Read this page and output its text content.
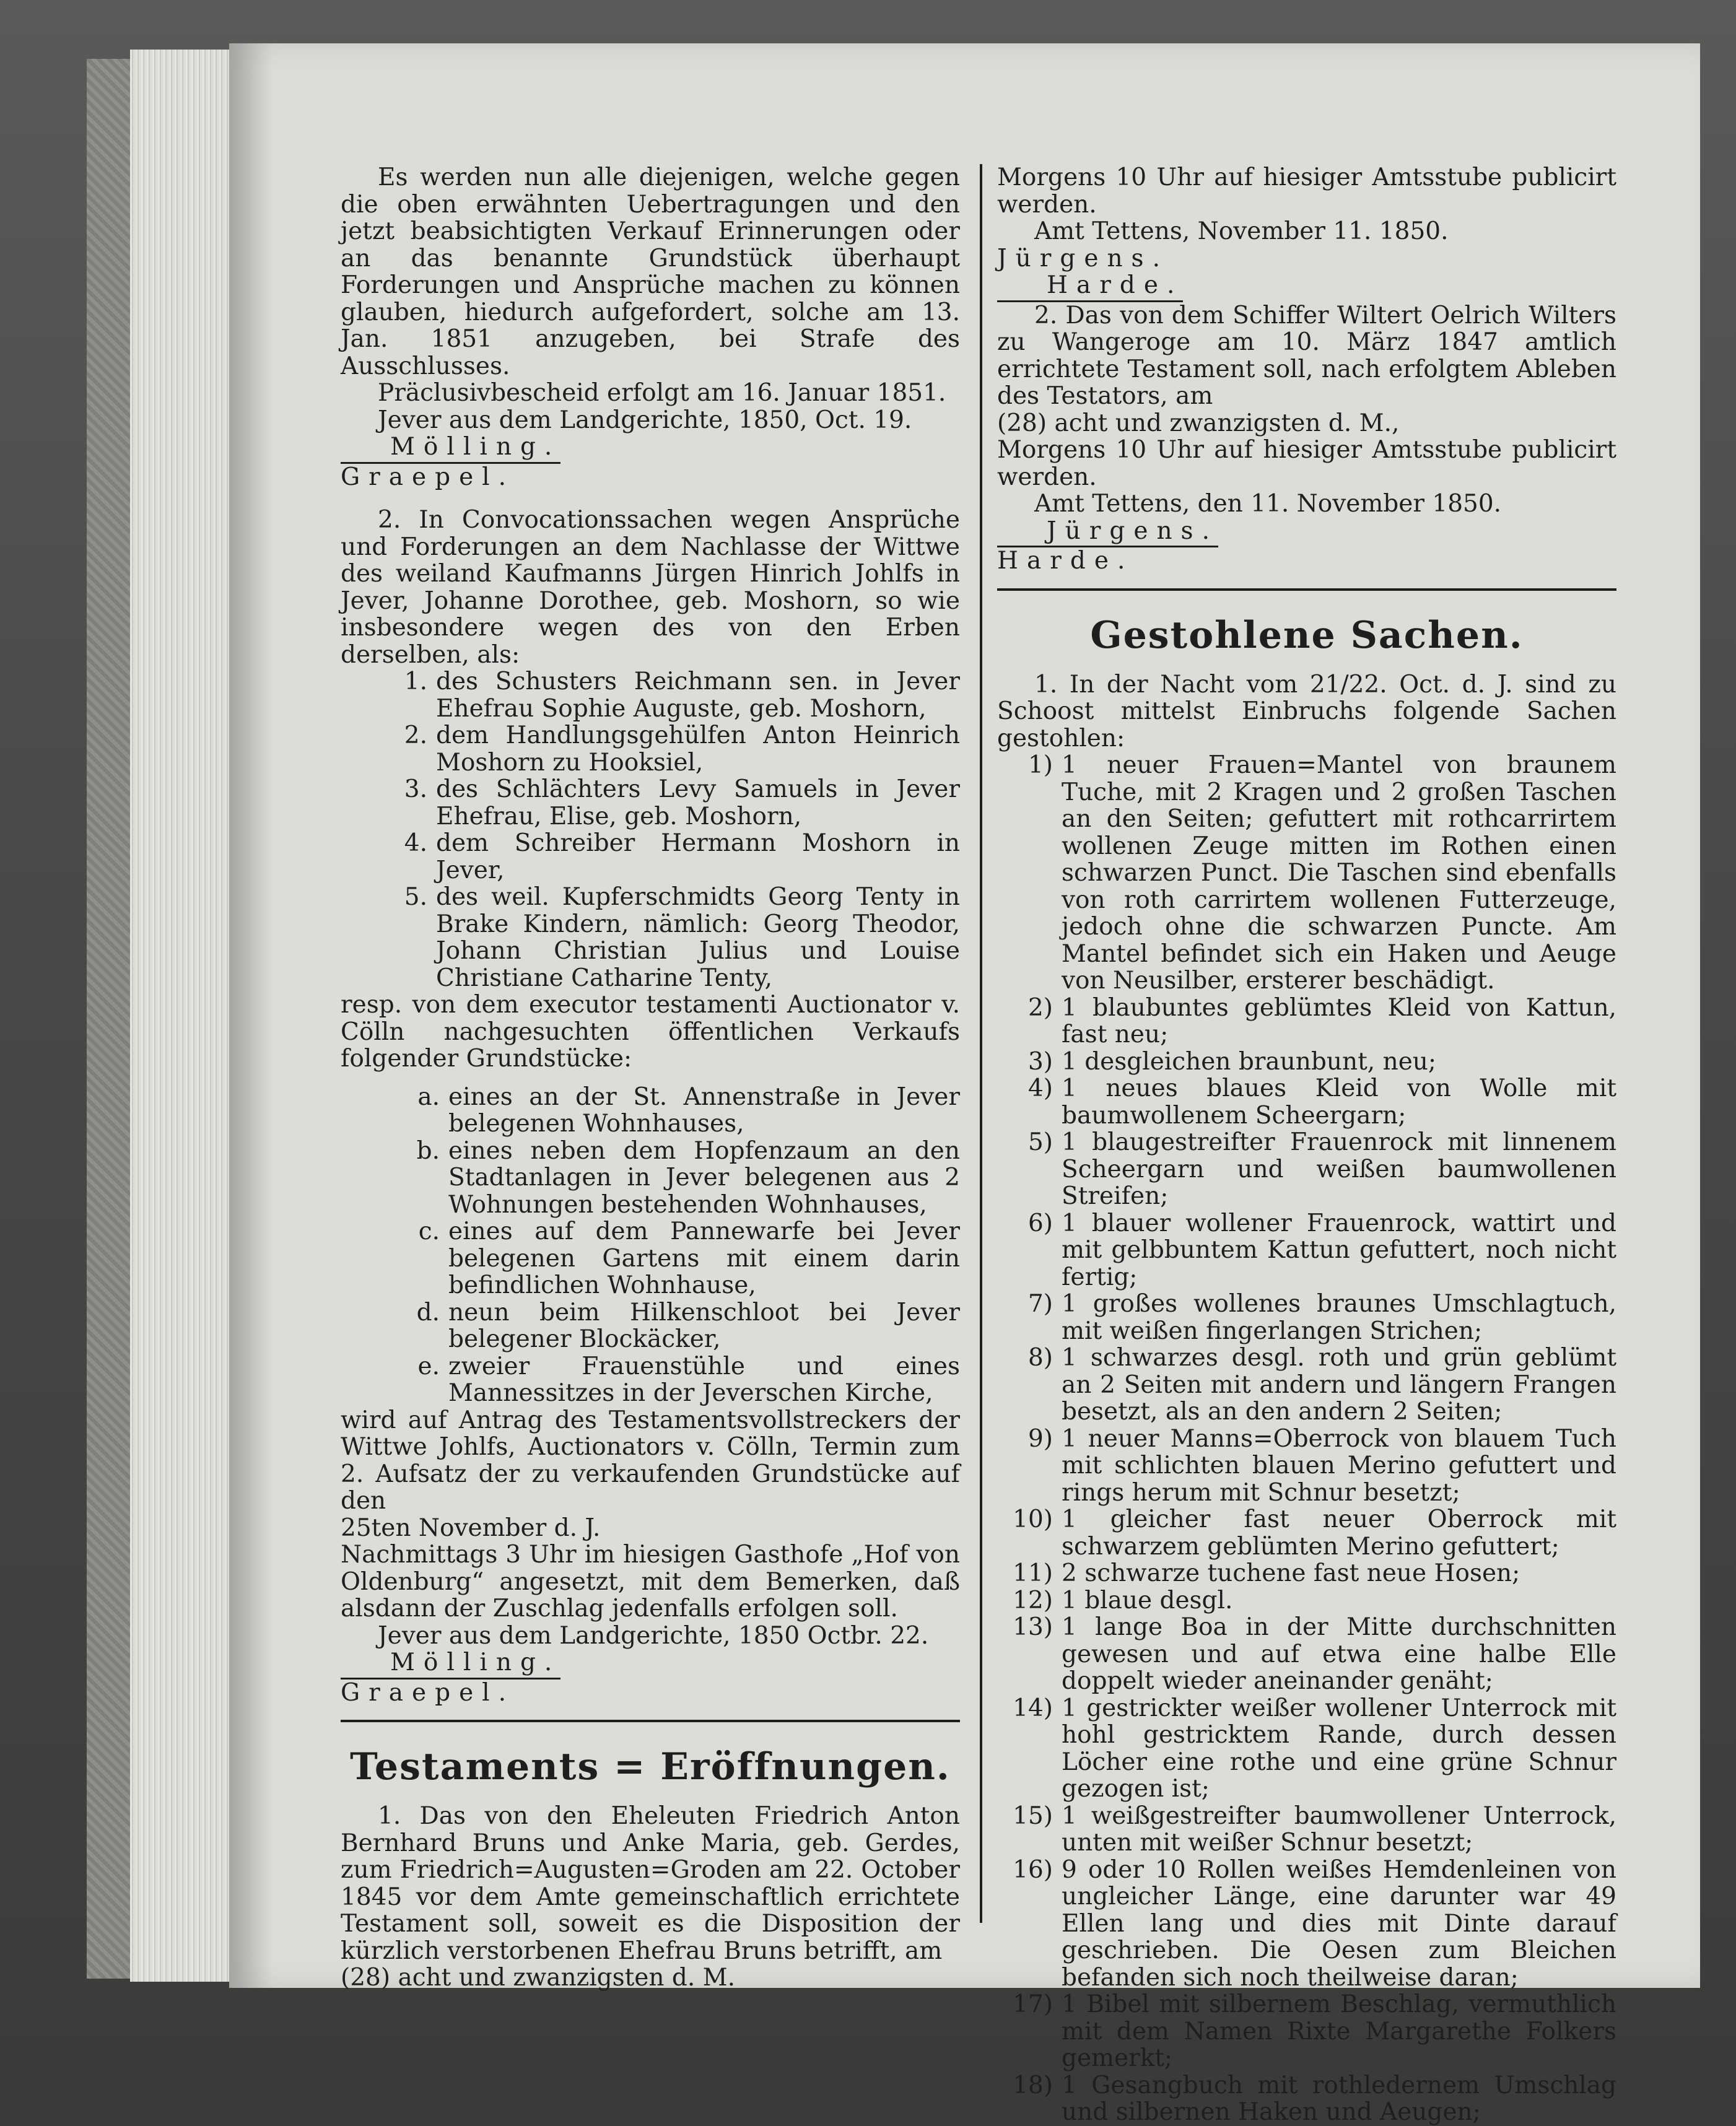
Es werden nun alle diejenigen, welche gegen die oben erwähnten Uebertragungen und den jetzt beabsichtigten Verkauf Erinnerungen oder an das benannte Grundstück überhaupt Forderungen und Ansprüche machen zu können glauben, hiedurch aufgefordert, solche am 13. Jan. 1851 anzugeben, bei Strafe des Ausschlusses.

Präclusivbescheid erfolgt am 16. Januar 1851.

Jever aus dem Landgerichte, 1850, Oct. 19.

Mölling.

Graepel.

2. In Convocationssachen wegen Ansprüche und Forderungen an dem Nachlasse der Wittwe des weiland Kaufmanns Jürgen Hinrich Johlfs in Jever, Johanne Dorothee, geb. Moshorn, so wie insbesondere wegen des von den Erben derselben, als:

1. des Schusters Reichmann sen. in Jever Ehefrau Sophie Auguste, geb. Moshorn,
2. dem Handlungsgehülfen Anton Heinrich Moshorn zu Hooksiel,
3. des Schlächters Levy Samuels in Jever Ehefrau, Elise, geb. Moshorn,
4. dem Schreiber Hermann Moshorn in Jever,
5. des weil. Kupferschmidts Georg Tenty in Brake Kindern, nämlich: Georg Theodor, Johann Christian Julius und Louise Christiane Catharine Tenty,

resp. von dem executor testamenti Auctionator v. Cölln nachgesuchten öffentlichen Verkaufs folgender Grundstücke:

a. eines an der St. Annenstraße in Jever belegenen Wohnhauses,
b. eines neben dem Hopfenzaum an den Stadtanlagen in Jever belegenen aus 2 Wohnungen bestehenden Wohnhauses,
c. eines auf dem Pannewarfe bei Jever belegenen Gartens mit einem darin befindlichen Wohnhause,
d. neun beim Hilkenschloot bei Jever belegener Blockäcker,
e. zweier Frauenstühle und eines Mannessitzes in der Jeverschen Kirche,

wird auf Antrag des Testamentsvollstreckers der Wittwe Johlfs, Auctionators v. Cölln, Termin zum 2. Aufsatz der zu verkaufenden Grundstücke auf den

25ten November d. J.

Nachmittags 3 Uhr im hiesigen Gasthofe „Hof von Oldenburg“ angesetzt, mit dem Bemerken, daß alsdann der Zuschlag jedenfalls erfolgen soll.

Jever aus dem Landgerichte, 1850 Octbr. 22.

Mölling.

Graepel.

Testaments = Eröffnungen.

1. Das von den Eheleuten Friedrich Anton Bernhard Bruns und Anke Maria, geb. Gerdes, zum Friedrich=Augusten=Groden am 22. October 1845 vor dem Amte gemeinschaftlich errichtete Testament soll, soweit es die Disposition der kürzlich verstorbenen Ehefrau Bruns betrifft, am

(28) acht und zwanzigsten d. M.

Morgens 10 Uhr auf hiesiger Amtsstube publicirt werden.

Amt Tettens, November 11. 1850.

Jürgens.

Harde.

2. Das von dem Schiffer Wiltert Oelrich Wilters zu Wangeroge am 10. März 1847 amtlich errichtete Testament soll, nach erfolgtem Ableben des Testators, am

(28) acht und zwanzigsten d. M.,

Morgens 10 Uhr auf hiesiger Amtsstube publicirt werden.

Amt Tettens, den 11. November 1850.

Jürgens.

Harde.

Gestohlene Sachen.

1. In der Nacht vom 21/22. Oct. d. J. sind zu Schoost mittelst Einbruchs folgende Sachen gestohlen:

1) 1 neuer Frauen=Mantel von braunem Tuche, mit 2 Kragen und 2 großen Taschen an den Seiten; gefuttert mit rothcarrirtem wollenen Zeuge mitten im Rothen einen schwarzen Punct. Die Taschen sind ebenfalls von roth carrirtem wollenen Futterzeuge, jedoch ohne die schwarzen Puncte. Am Mantel befindet sich ein Haken und Aeuge von Neusilber, ersterer beschädigt.
2) 1 blaubuntes geblümtes Kleid von Kattun, fast neu;
3) 1 desgleichen braunbunt, neu;
4) 1 neues blaues Kleid von Wolle mit baumwollenem Scheergarn;
5) 1 blaugestreifter Frauenrock mit linnenem Scheergarn und weißen baumwollenen Streifen;
6) 1 blauer wollener Frauenrock, wattirt und mit gelbbuntem Kattun gefuttert, noch nicht fertig;
7) 1 großes wollenes braunes Umschlagtuch, mit weißen fingerlangen Strichen;
8) 1 schwarzes desgl. roth und grün geblümt an 2 Seiten mit andern und längern Frangen besetzt, als an den andern 2 Seiten;
9) 1 neuer Manns=Oberrock von blauem Tuch mit schlichten blauen Merino gefuttert und rings herum mit Schnur besetzt;
10) 1 gleicher fast neuer Oberrock mit schwarzem geblümten Merino gefuttert;
11) 2 schwarze tuchene fast neue Hosen;
12) 1 blaue desgl.
13) 1 lange Boa in der Mitte durchschnitten gewesen und auf etwa eine halbe Elle doppelt wieder aneinander genäht;
14) 1 gestrickter weißer wollener Unterrock mit hohl gestricktem Rande, durch dessen Löcher eine rothe und eine grüne Schnur gezogen ist;
15) 1 weißgestreifter baumwollener Unterrock, unten mit weißer Schnur besetzt;
16) 9 oder 10 Rollen weißes Hemdenleinen von ungleicher Länge, eine darunter war 49 Ellen lang und dies mit Dinte darauf geschrieben. Die Oesen zum Bleichen befanden sich noch theilweise daran;
17) 1 Bibel mit silbernem Beschlag, vermuthlich mit dem Namen Rixte Margarethe Folkers gemerkt;
18) 1 Gesangbuch mit rothledernem Umschlag und silbernen Haken und Aeugen;
